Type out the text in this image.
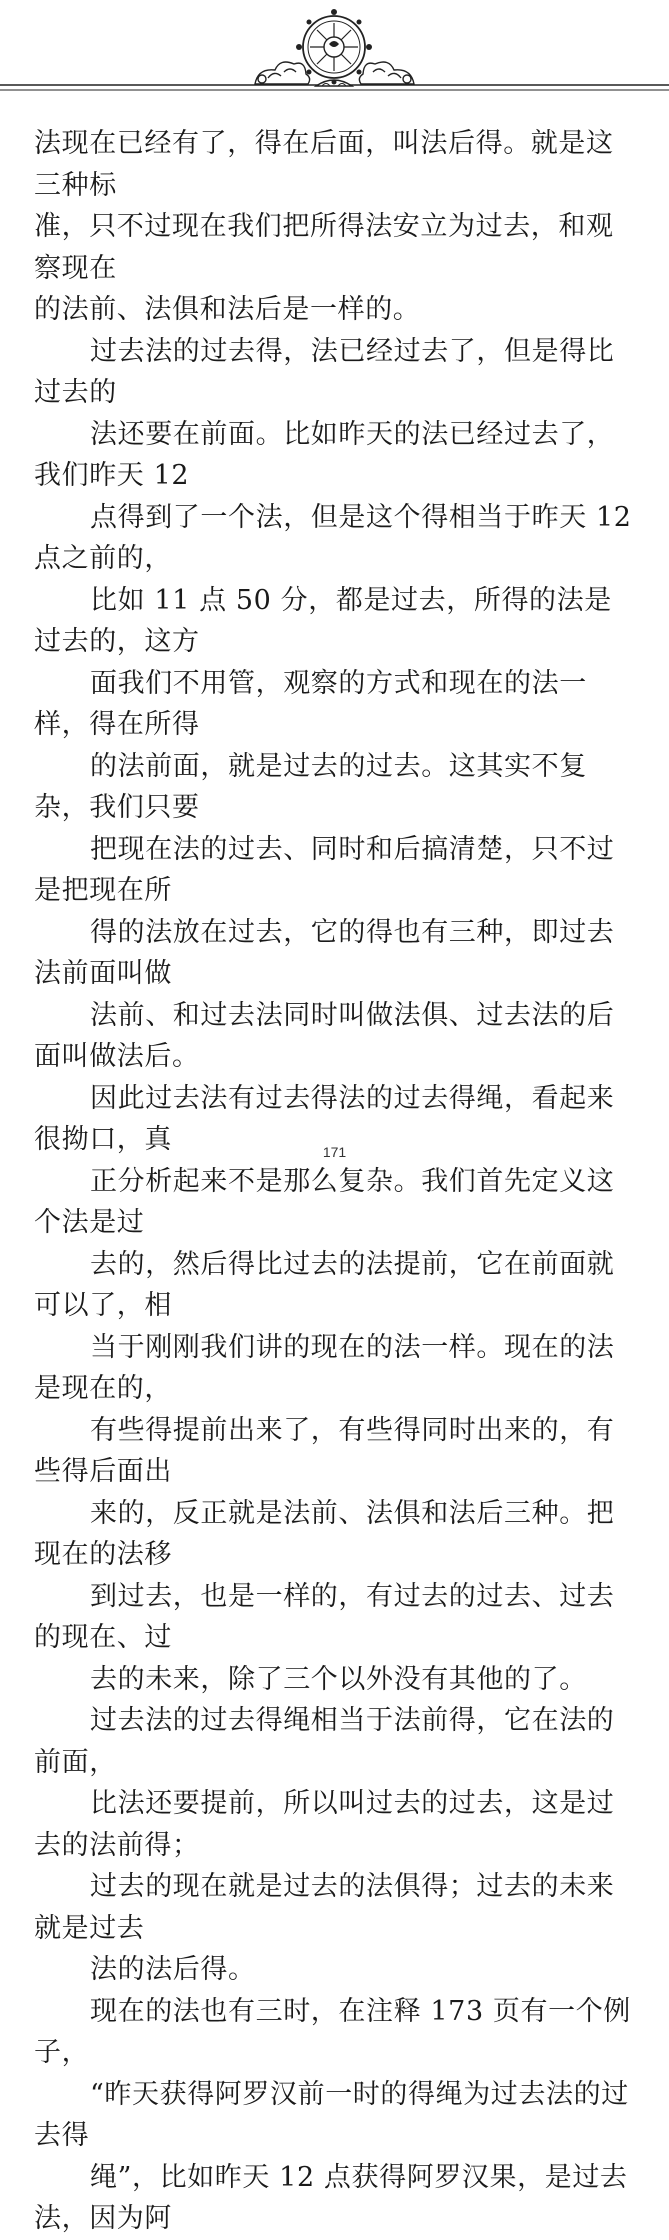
法现在已经有了，得在后面，叫法后得。就是这三种标

准，只不过现在我们把所得法安立为过去，和观察现在

的法前、法俱和法后是一样的。

过去法的过去得，法已经过去了，但是得比过去的

法还要在前面。比如昨天的法已经过去了，我们昨天 12

点得到了一个法，但是这个得相当于昨天 12 点之前的，

比如 11 点 50 分，都是过去，所得的法是过去的，这方

面我们不用管，观察的方式和现在的法一样，得在所得

的法前面，就是过去的过去。这其实不复杂，我们只要

把现在法的过去、同时和后搞清楚，只不过是把现在所

得的法放在过去，它的得也有三种，即过去法前面叫做

法前、和过去法同时叫做法俱、过去法的后面叫做法后。

因此过去法有过去得法的过去得绳，看起来很拗口，真

正分析起来不是那么复杂。我们首先定义这个法是过

去的，然后得比过去的法提前，它在前面就可以了，相

当于刚刚我们讲的现在的法一样。现在的法是现在的，

有些得提前出来了，有些得同时出来的，有些得后面出

来的，反正就是法前、法俱和法后三种。把现在的法移

到过去，也是一样的，有过去的过去、过去的现在、过

去的未来，除了三个以外没有其他的了。

过去法的过去得绳相当于法前得，它在法的前面，

比法还要提前，所以叫过去的过去，这是过去的法前得；

过去的现在就是过去的法俱得；过去的未来就是过去

法的法后得。

现在的法也有三时，在注释 173 页有一个例子，

“昨天获得阿罗汉前一时的得绳为过去法的过去得

绳”，比如昨天 12 点获得阿罗汉果，是过去法，因为阿

171
